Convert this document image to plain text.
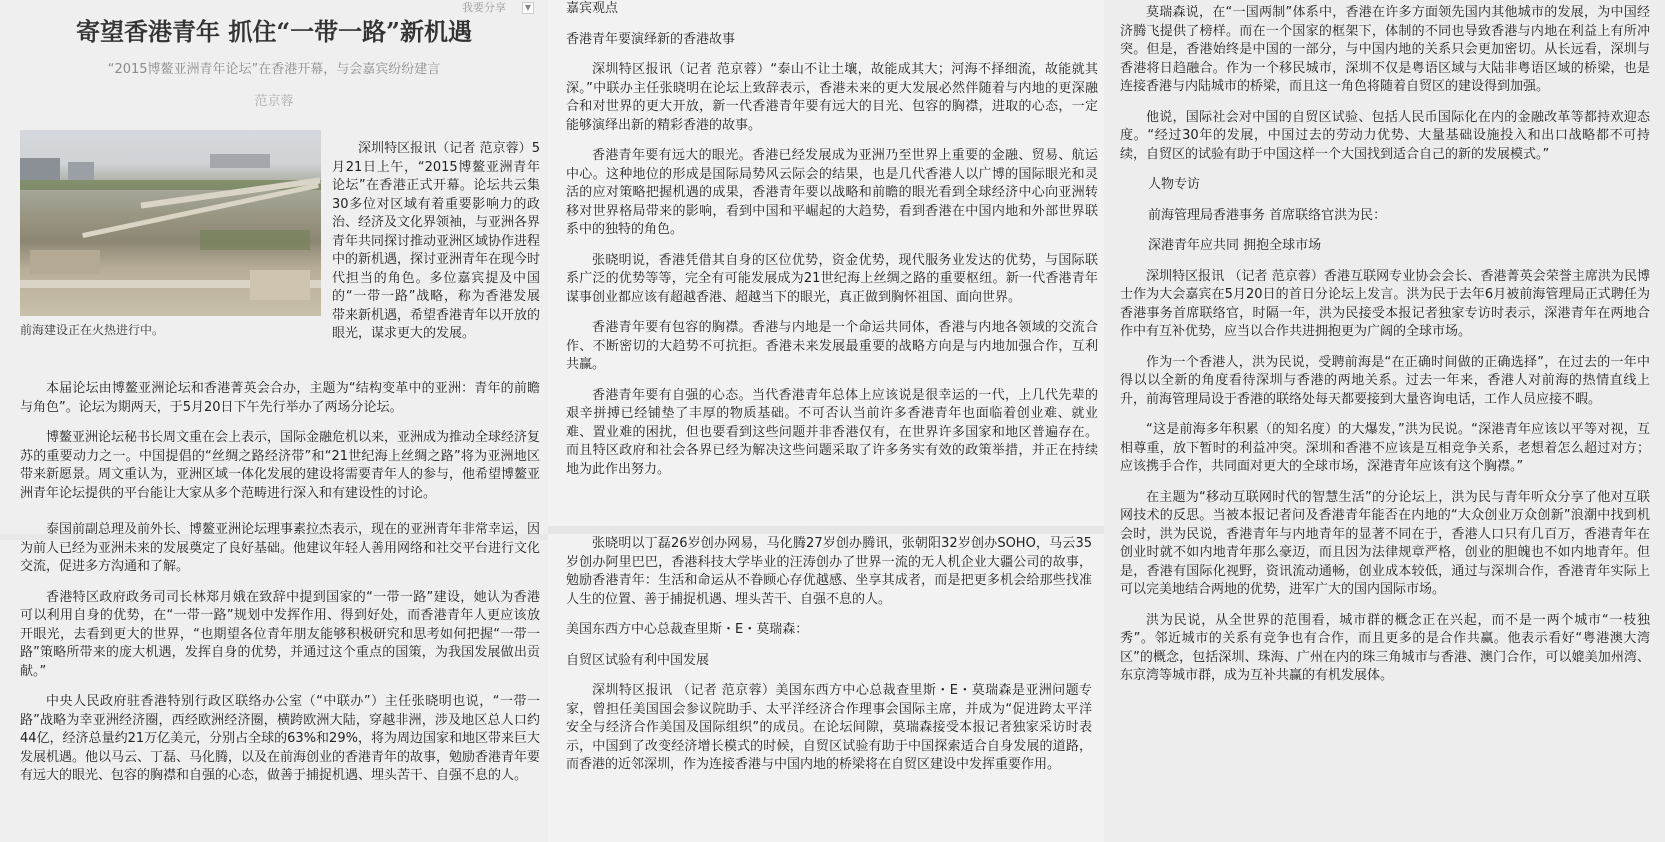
我要分享	▼
寄望香港青年 抓住“一带一路”新机遇
“2015博鳌亚洲青年论坛”在香港开幕，与会嘉宾纷纷建言
范京蓉
前海建设正在火热进行中。

深圳特区报讯（记者 范京蓉）5月21日上午，“2015博鳌亚洲青年论坛”在香港正式开幕。论坛共云集30多位对区域有着重要影响力的政治、经济及文化界领袖，与亚洲各界青年共同探讨推动亚洲区域协作进程中的新机遇，探讨亚洲青年在现今时代担当的角色。多位嘉宾提及中国的“一带一路”战略，称为香港发展带来新机遇，希望香港青年以开放的眼光，谋求更大的发展。

本届论坛由博鳌亚洲论坛和香港菁英会合办，主题为“结构变革中的亚洲：青年的前瞻与角色”。论坛为期两天，于5月20日下午先行举办了两场分论坛。

博鳌亚洲论坛秘书长周文重在会上表示，国际金融危机以来，亚洲成为推动全球经济复苏的重要动力之一。中国提倡的“丝绸之路经济带”和“21世纪海上丝绸之路”将为亚洲地区带来新愿景。周文重认为，亚洲区域一体化发展的建设将需要青年人的参与，他希望博鳌亚洲青年论坛提供的平台能让大家从多个范畴进行深入和有建设性的讨论。

泰国前副总理及前外长、博鳌亚洲论坛理事素拉杰表示，现在的亚洲青年非常幸运，因为前人已经为亚洲未来的发展奠定了良好基础。他建议年轻人善用网络和社交平台进行文化交流，促进多方沟通和了解。

香港特区政府政务司司长林郑月娥在致辞中提到国家的“一带一路”建设，她认为香港可以利用自身的优势，在“一带一路”规划中发挥作用、得到好处，而香港青年人更应该放开眼光，去看到更大的世界，“也期望各位青年朋友能够积极研究和思考如何把握“一带一路”策略所带来的庞大机遇，发挥自身的优势，并通过这个重点的国策，为我国发展做出贡献。”

中央人民政府驻香港特别行政区联络办公室（“中联办”）主任张晓明也说，“一带一路”战略为幸亚洲经济圈，西经欧洲经济圈，横跨欧洲大陆，穿越非洲，涉及地区总人口约44亿，经济总量约21万亿美元，分别占全球的63%和29%，将为周边国家和地区带来巨大发展机遇。他以马云、丁磊、马化腾，以及在前海创业的香港青年的故事，勉励香港青年要有远大的眼光、包容的胸襟和自强的心态，做善于捕捉机遇、埋头苦干、自强不息的人。

嘉宾观点

香港青年要演绎新的香港故事

深圳特区报讯（记者 范京蓉）“泰山不让土壤，故能成其大；河海不择细流，故能就其深。”中联办主任张晓明在论坛上致辞表示，香港未来的更大发展必然伴随着与内地的更深融合和对世界的更大开放，新一代香港青年要有远大的目光、包容的胸襟，进取的心态，一定能够演绎出新的精彩香港的故事。

香港青年要有远大的眼光。香港已经发展成为亚洲乃至世界上重要的金融、贸易、航运中心。这种地位的形成是国际局势风云际会的结果，也是几代香港人以广博的国际眼光和灵活的应对策略把握机遇的成果，香港青年要以战略和前瞻的眼光看到全球经济中心向亚洲转移对世界格局带来的影响，看到中国和平崛起的大趋势，看到香港在中国内地和外部世界联系中的独特的角色。

张晓明说，香港凭借其自身的区位优势，资金优势，现代服务业发达的优势，与国际联系广泛的优势等等，完全有可能发展成为21世纪海上丝绸之路的重要枢纽。新一代香港青年谋事创业都应该有超越香港、超越当下的眼光，真正做到胸怀祖国、面向世界。

香港青年要有包容的胸襟。香港与内地是一个命运共同体，香港与内地各领域的交流合作、不断密切的大趋势不可抗拒。香港未来发展最重要的战略方向是与内地加强合作，互利共赢。

香港青年要有自强的心态。当代香港青年总体上应该说是很幸运的一代，上几代先辈的艰辛拼搏已经铺垫了丰厚的物质基础。不可否认当前许多香港青年也面临着创业难、就业难、置业难的困扰，但也要看到这些问题并非香港仅有，在世界许多国家和地区普遍存在。而且特区政府和社会各界已经为解决这些问题采取了许多务实有效的政策举措，并正在持续地为此作出努力。

张晓明以丁磊26岁创办网易，马化腾27岁创办腾讯，张朝阳32岁创办SOHO，马云35岁创办阿里巴巴，香港科技大学毕业的汪涛创办了世界一流的无人机企业大疆公司的故事，勉励香港青年：生活和命运从不眷顾心存优越感、坐享其成者，而是把更多机会给那些找准人生的位置、善于捕捉机遇、埋头苦干、自强不息的人。

美国东西方中心总裁查里斯・E・莫瑞森：

自贸区试验有利中国发展

深圳特区报讯 （记者 范京蓉）美国东西方中心总裁查里斯・E・莫瑞森是亚洲问题专家，曾担任美国国会参议院助手、太平洋经济合作理事会国际主席，并成为“促进跨太平洋安全与经济合作美国及国际组织”的成员。在论坛间隙，莫瑞森接受本报记者独家采访时表示，中国到了改变经济增长模式的时候，自贸区试验有助于中国探索适合自身发展的道路，而香港的近邻深圳，作为连接香港与中国内地的桥梁将在自贸区建设中发挥重要作用。

莫瑞森说，在“一国两制”体系中，香港在许多方面领先国内其他城市的发展，为中国经济腾飞提供了榜样。而在一个国家的框架下，体制的不同也导致香港与内地在利益上有所冲突。但是，香港始终是中国的一部分，与中国内地的关系只会更加密切。从长远看，深圳与香港将日趋融合。作为一个移民城市，深圳不仅是粤语区域与大陆非粤语区域的桥梁，也是连接香港与内陆城市的桥梁，而且这一角色将随着自贸区的建设得到加强。

他说，国际社会对中国的自贸区试验、包括人民币国际化在内的金融改革等都持欢迎态度。“经过30年的发展，中国过去的劳动力优势、大量基础设施投入和出口战略都不可持续，自贸区的试验有助于中国这样一个大国找到适合自己的新的发展模式。”

人物专访

前海管理局香港事务 首席联络官洪为民：

深港青年应共同 拥抱全球市场

深圳特区报讯 （记者 范京蓉）香港互联网专业协会会长、香港菁英会荣誉主席洪为民博士作为大会嘉宾在5月20日的首日分论坛上发言。洪为民于去年6月被前海管理局正式聘任为香港事务首席联络官，时隔一年，洪为民接受本报记者独家专访时表示，深港青年在两地合作中有互补优势，应当以合作共进拥抱更为广阔的全球市场。

作为一个香港人，洪为民说，受聘前海是“在正确时间做的正确选择”，在过去的一年中得以以全新的角度看待深圳与香港的两地关系。过去一年来，香港人对前海的热情直线上升，前海管理局设于香港的联络处每天都要接到大量咨询电话，工作人员应接不暇。

“这是前海多年积累（的知名度）的大爆发，”洪为民说。“深港青年应该以平等对视，互相尊重，放下暂时的利益冲突。深圳和香港不应该是互相竞争关系，老想着怎么超过对方；应该携手合作，共同面对更大的全球市场，深港青年应该有这个胸襟。”

在主题为“移动互联网时代的智慧生活”的分论坛上，洪为民与青年听众分享了他对互联网技术的反思。当被本报记者问及香港青年能否在内地的“大众创业万众创新”浪潮中找到机会时，洪为民说，香港青年与内地青年的显著不同在于，香港人口只有几百万，香港青年在创业时就不如内地青年那么豪迈，而且因为法律规章严格，创业的胆魄也不如内地青年。但是，香港有国际化视野，资讯流动通畅，创业成本较低，通过与深圳合作，香港青年实际上可以完美地结合两地的优势，进军广大的国内国际市场。

洪为民说，从全世界的范围看，城市群的概念正在兴起，而不是一两个城市“一枝独秀”。邻近城市的关系有竞争也有合作，而且更多的是合作共赢。他表示看好“粤港澳大湾区”的概念，包括深圳、珠海、广州在内的珠三角城市与香港、澳门合作，可以媲美加州湾、东京湾等城市群，成为互补共赢的有机发展体。
